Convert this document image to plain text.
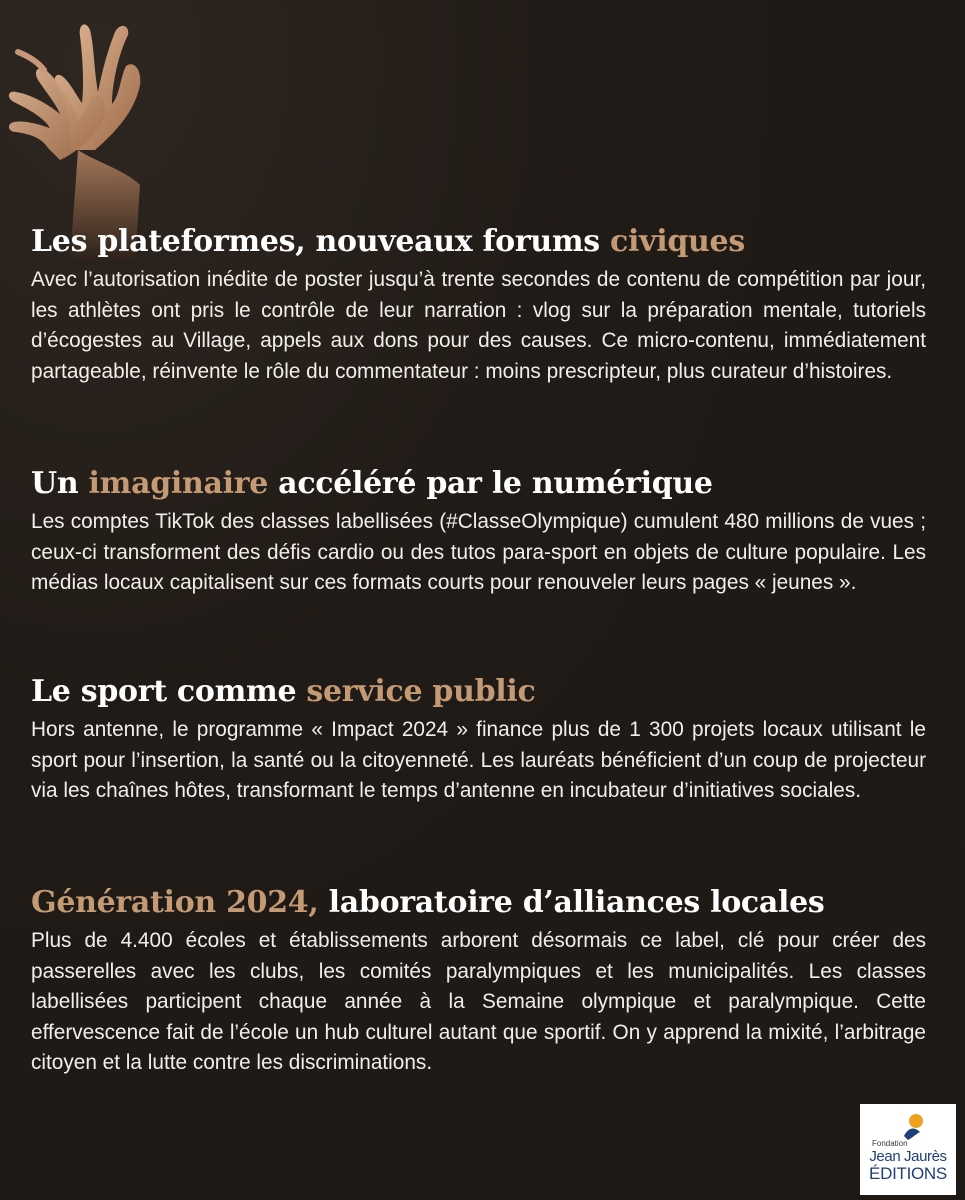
Les plateformes, nouveaux forums civiques

Avec l’autorisation inédite de poster jusqu’à trente secondes de contenu de compétition par jour, les athlètes ont pris le contrôle de leur narration : vlog sur la préparation mentale, tutoriels d’écogestes au Village, appels aux dons pour des causes. Ce micro-contenu, immédiatement partageable, réinvente le rôle du commentateur : moins prescripteur, plus curateur d’histoires.

Un imaginaire accéléré par le numérique

Les comptes TikTok des classes labellisées (#ClasseOlympique) cumulent 480 millions de vues ; ceux-ci transforment des défis cardio ou des tutos para-sport en objets de culture populaire. Les médias locaux capitalisent sur ces formats courts pour renouveler leurs pages « jeunes ».

Le sport comme service public

Hors antenne, le programme « Impact 2024 » finance plus de 1 300 projets locaux utilisant le sport pour l’insertion, la santé ou la citoyenneté. Les lauréats bénéficient d’un coup de projecteur via les chaînes hôtes, transformant le temps d’antenne en incubateur d’initiatives sociales.

Génération 2024, laboratoire d’alliances locales

Plus de 4.400 écoles et établissements arborent désormais ce label, clé pour créer des passerelles avec les clubs, les comités paralympiques et les municipalités. Les classes labellisées participent chaque année à la Semaine olympique et paralympique. Cette effervescence fait de l’école un hub culturel autant que sportif. On y apprend la mixité, l’arbitrage citoyen et la lutte contre les discriminations.

Fondation
Jean Jaurès
ÉDITIONS
